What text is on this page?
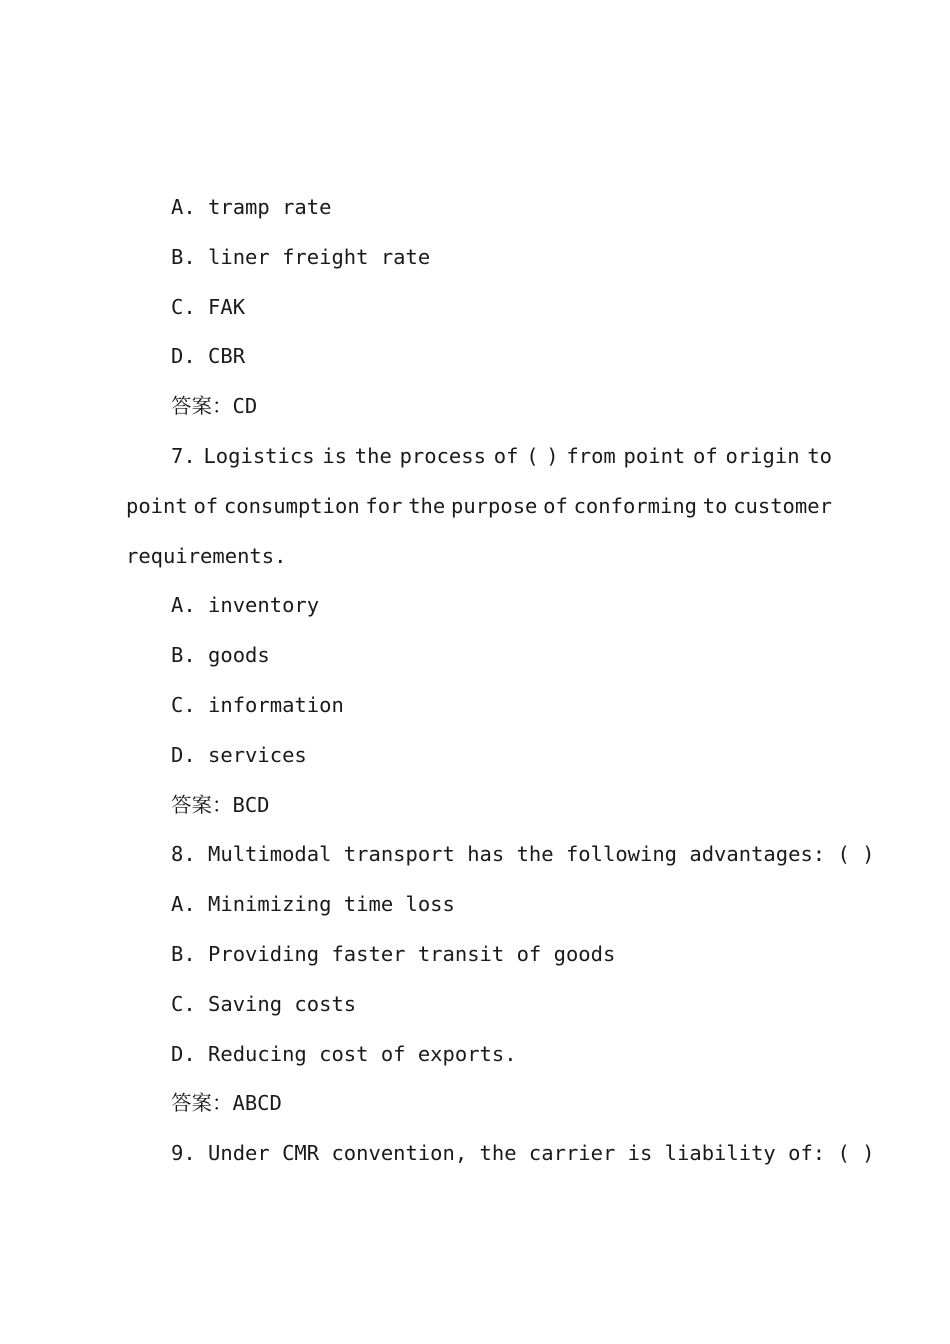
A. tramp rate
B. liner freight rate
C. FAK
D. CBR
答案：CD
7. Logistics is the process of ( ) from point of origin to
point of consumption for the purpose of conforming to customer
requirements.
A. inventory
B. goods
C. information
D. services
答案：BCD
8. Multimodal transport has the following advantages: ( )
A. Minimizing time loss
B. Providing faster transit of goods
C. Saving costs
D. Reducing cost of exports.
答案：ABCD
9. Under CMR convention, the carrier is liability of: ( )
